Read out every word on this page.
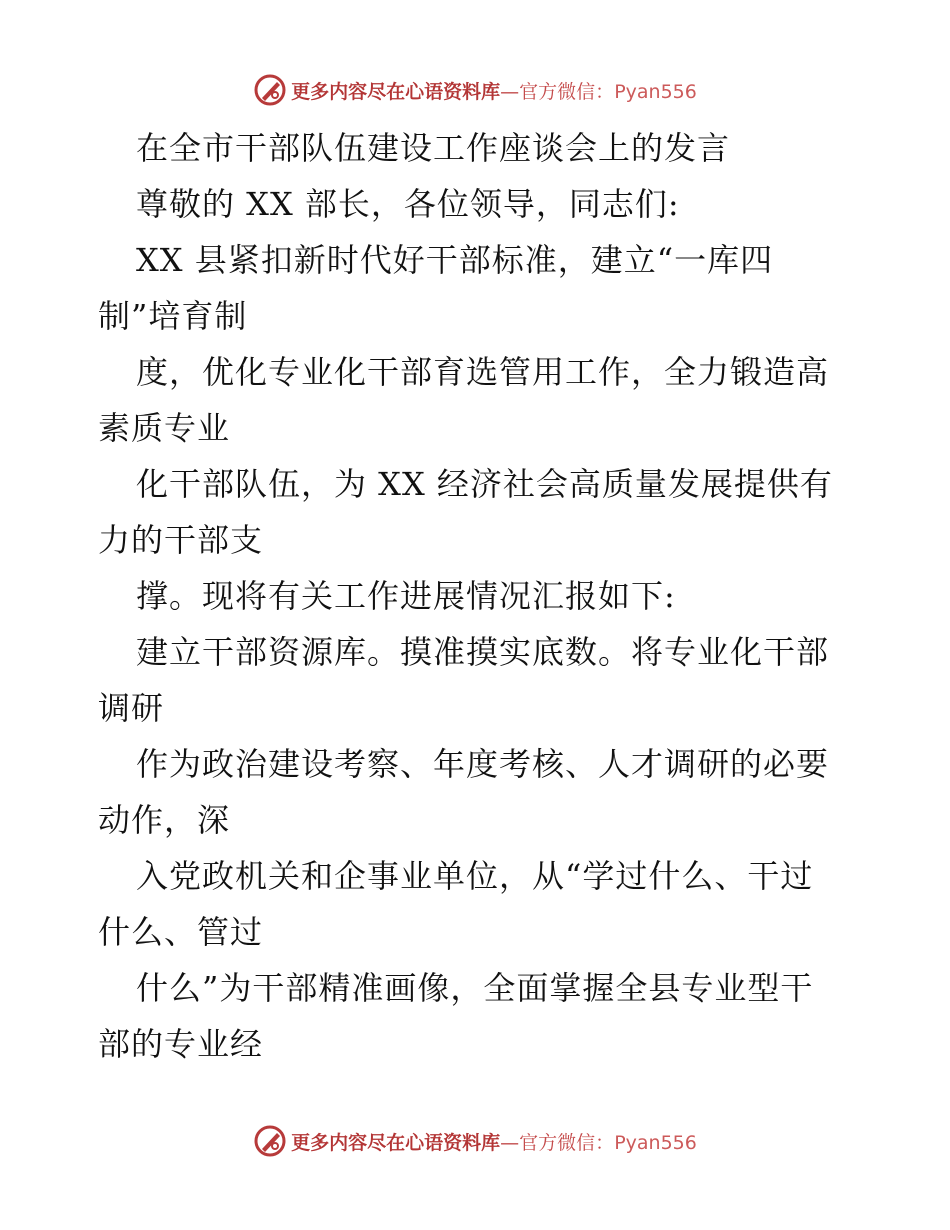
更多内容尽在心语资料库—官方微信：Pyan556
在全市干部队伍建设工作座谈会上的发言
尊敬的 XX 部长，各位领导，同志们:
XX 县紧扣新时代好干部标准，建立“一库四
制”培育制
度，优化专业化干部育选管用工作，全力锻造高
素质专业
化干部队伍，为 XX 经济社会高质量发展提供有
力的干部支
撑。现将有关工作进展情况汇报如下:
建立干部资源库。摸准摸实底数。将专业化干部
调研
作为政治建设考察、年度考核、人才调研的必要
动作，深
入党政机关和企事业单位，从“学过什么、干过
什么、管过
什么”为干部精准画像，全面掌握全县专业型干
部的专业经
更多内容尽在心语资料库—官方微信：Pyan556
